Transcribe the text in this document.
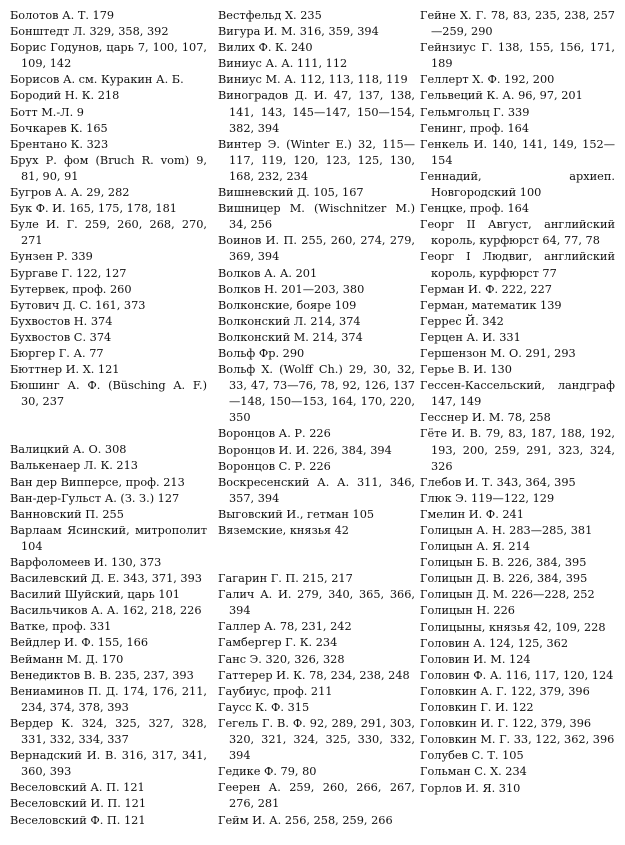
Болотов А. Т. 179
Бонштедт Л. 329, 358, 392
Борис Годунов, царь 7, 100, 107, 109, 142
Борисов А. см. Куракин А. Б.
Бородий Н. К. 218
Ботт М.-Л. 9
Бочкарев К. 165
Брентано К. 323
Брух Р. фом (Bruch R. vom) 9, 81, 90, 91
Бугров А. А. 29, 282
Бук Ф. И. 165, 175, 178, 181
Буле И. Г. 259, 260, 268, 270, 271
Бунзен Р. 339
Бургаве Г. 122, 127
Бутервек, проф. 260
Бутович Д. С. 161, 373
Бухвостов Н. 374
Бухвостов С. 374
Бюргер Г. А. 77
Бюттнер И. Х. 121
Бюшинг А. Ф. (Büsching A. F.) 30, 237
Валицкий А. О. 308
Валькенаер Л. К. 213
Ван дер Випперсе, проф. 213
Ван-дер-Гульст А. (З. З.) 127
Ванновский П. 255
Варлаам Ясинский, митрополит 104
Варфоломеев И. 130, 373
Василевский Д. Е. 343, 371, 393
Василий Шуйский, царь 101
Васильчиков А. А. 162, 218, 226
Ватке, проф. 331
Вейдлер И. Ф. 155, 166
Вейманн М. Д. 170
Венедиктов В. В. 235, 237, 393
Вениаминов П. Д. 174, 176, 211, 234, 374, 378, 393
Вердер К. 324, 325, 327, 328, 331, 332, 334, 337
Вернадский И. В. 316, 317, 341, 360, 393
Веселовский А. П. 121
Веселовский И. П. 121
Веселовский Ф. П. 121
Вестфельд Х. 235
Вигура И. М. 316, 359, 394
Вилих Ф. К. 240
Виниус А. А. 111, 112
Виниус М. А. 112, 113, 118, 119
Виноградов Д. И. 47, 137, 138, 141, 143, 145—147, 150—154, 382, 394
Винтер Э. (Winter E.) 32, 115—117, 119, 120, 123, 125, 130, 168, 232, 234
Вишневский Д. 105, 167
Вишницер М. (Wischnitzer M.) 34, 256
Воинов И. П. 255, 260, 274, 279, 369, 394
Волков А. А. 201
Волков Н. 201—203, 380
Волконские, бояре 109
Волконский Л. 214, 374
Волконский М. 214, 374
Вольф Фр. 290
Вольф Х. (Wolff Ch.) 29, 30, 32, 33, 47, 73—76, 78, 92, 126, 137—148, 150—153, 164, 170, 220, 350
Воронцов А. Р. 226
Воронцов И. И. 226, 384, 394
Воронцов С. Р. 226
Воскресенский А. А. 311, 346, 357, 394
Выговский И., гетман 105
Вяземские, князья 42
Гагарин Г. П. 215, 217
Галич А. И. 279, 340, 365, 366, 394
Галлер А. 78, 231, 242
Гамбергер Г. К. 234
Ганс Э. 320, 326, 328
Гаттерер И. К. 78, 234, 238, 248
Гаубиус, проф. 211
Гаусс К. Ф. 315
Гегель Г. В. Ф. 92, 289, 291, 303, 320, 321, 324, 325, 330, 332, 394
Гедике Ф. 79, 80
Геерен А. 259, 260, 266, 267, 276, 281
Гейм И. А. 256, 258, 259, 266
Гейне Х. Г. 78, 83, 235, 238, 257—259, 290
Гейнзиус Г. 138, 155, 156, 171, 189
Геллерт Х. Ф. 192, 200
Гельвеций К. А. 96, 97, 201
Гельмгольц Г. 339
Генинг, проф. 164
Генкель И. 140, 141, 149, 152—154
Геннадий, архиеп. Новгородский 100
Генцке, проф. 164
Георг II Август, английский король, курфюрст 64, 77, 78
Георг I Людвиг, английский король, курфюрст 77
Герман И. Ф. 222, 227
Герман, математик 139
Геррес Й. 342
Герцен А. И. 331
Гершензон М. О. 291, 293
Герье В. И. 130
Гессен-Кассельский, ландграф 147, 149
Гесснер И. М. 78, 258
Гёте И. В. 79, 83, 187, 188, 192, 193, 200, 259, 291, 323, 324, 326
Глебов И. Т. 343, 364, 395
Глюк Э. 119—122, 129
Гмелин И. Ф. 241
Голицын А. Н. 283—285, 381
Голицын А. Я. 214
Голицын Б. В. 226, 384, 395
Голицын Д. В. 226, 384, 395
Голицын Д. М. 226—228, 252
Голицын Н. 226
Голицыны, князья 42, 109, 228
Головин А. 124, 125, 362
Головин И. М. 124
Головин Ф. А. 116, 117, 120, 124
Головкин А. Г. 122, 379, 396
Головкин Г. И. 122
Головкин И. Г. 122, 379, 396
Головкин М. Г. 33, 122, 362, 396
Голубев С. Т. 105
Гольман С. Х. 234
Горлов И. Я. 310
